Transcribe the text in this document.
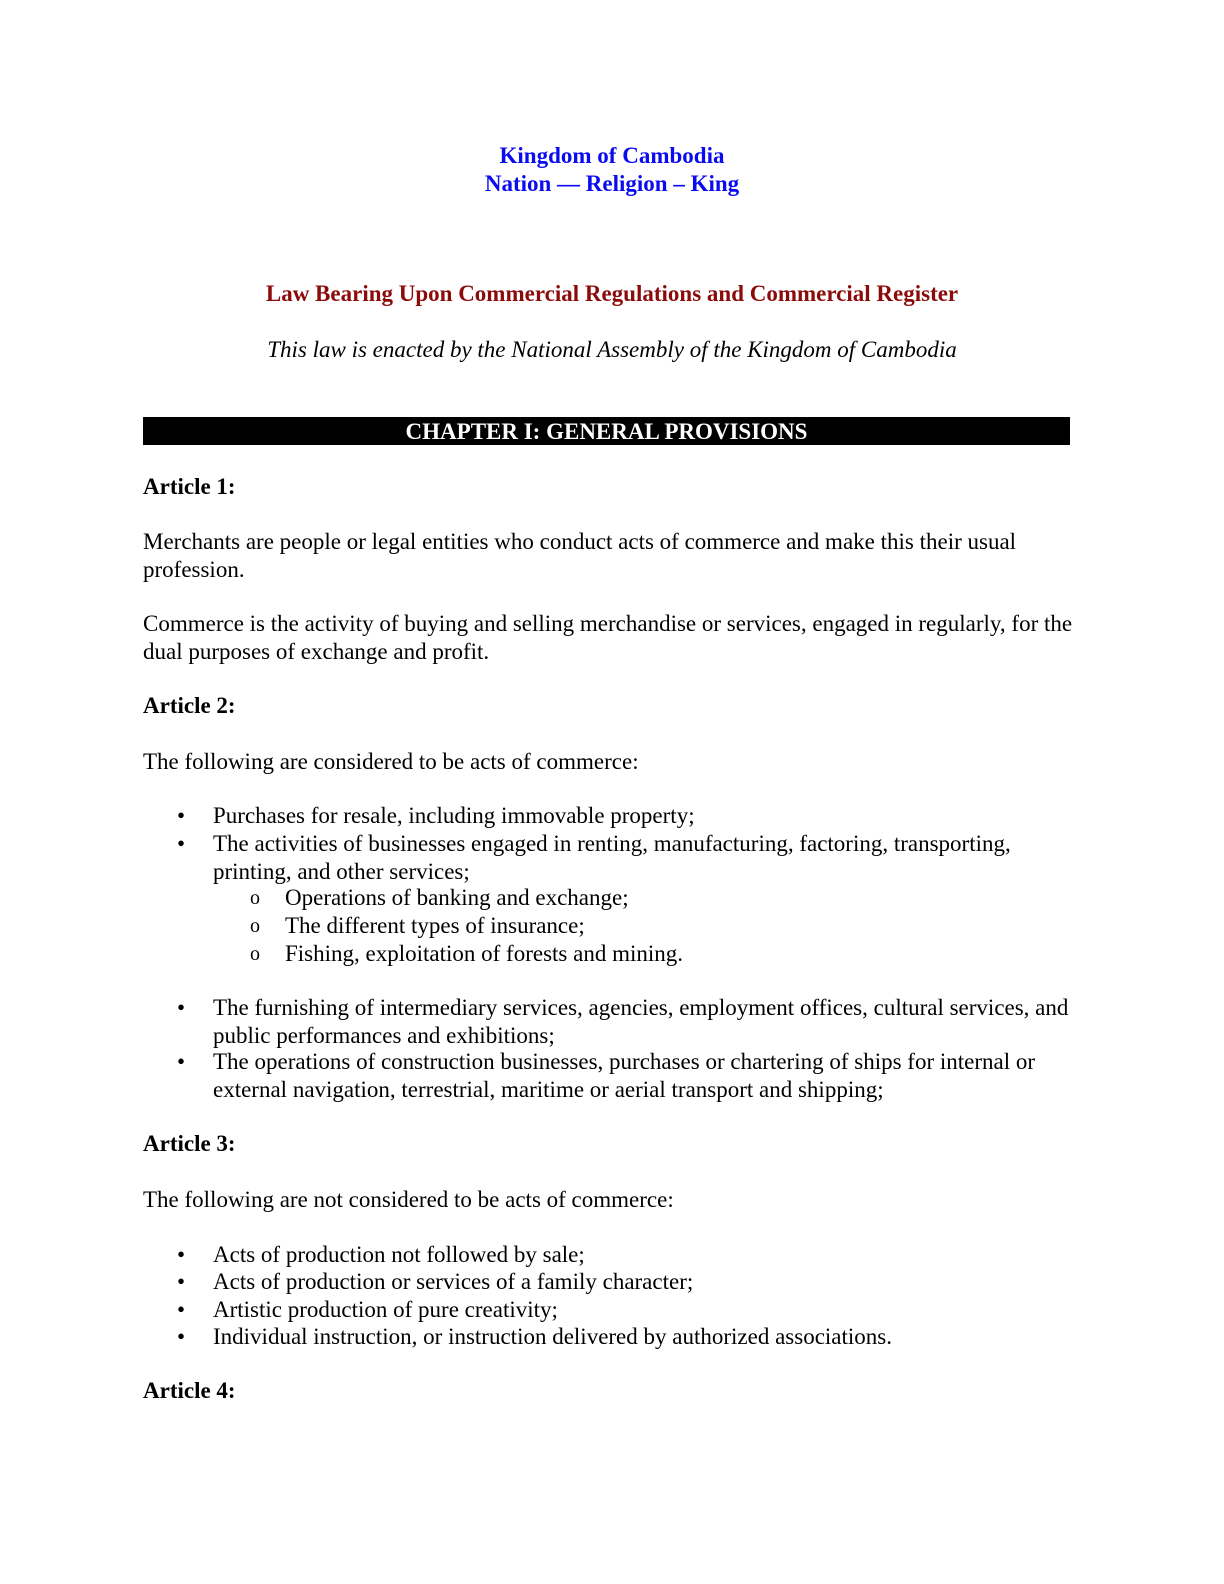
Kingdom of Cambodia
Nation — Religion – King
Law Bearing Upon Commercial Regulations and Commercial Register
This law is enacted by the National Assembly of the Kingdom of Cambodia
CHAPTER I: GENERAL PROVISIONS
Article 1:
Merchants are people or legal entities who conduct acts of commerce and make this their usual profession.
Commerce is the activity of buying and selling merchandise or services, engaged in regularly, for the dual purposes of exchange and profit.
Article 2:
The following are considered to be acts of commerce:
• Purchases for resale, including immovable property;
• The activities of businesses engaged in renting, manufacturing, factoring, transporting, printing, and other services;
o Operations of banking and exchange;
o The different types of insurance;
o Fishing, exploitation of forests and mining.
• The furnishing of intermediary services, agencies, employment offices, cultural services, and public performances and exhibitions;
• The operations of construction businesses, purchases or chartering of ships for internal or external navigation, terrestrial, maritime or aerial transport and shipping;
Article 3:
The following are not considered to be acts of commerce:
• Acts of production not followed by sale;
• Acts of production or services of a family character;
• Artistic production of pure creativity;
• Individual instruction, or instruction delivered by authorized associations.
Article 4:
